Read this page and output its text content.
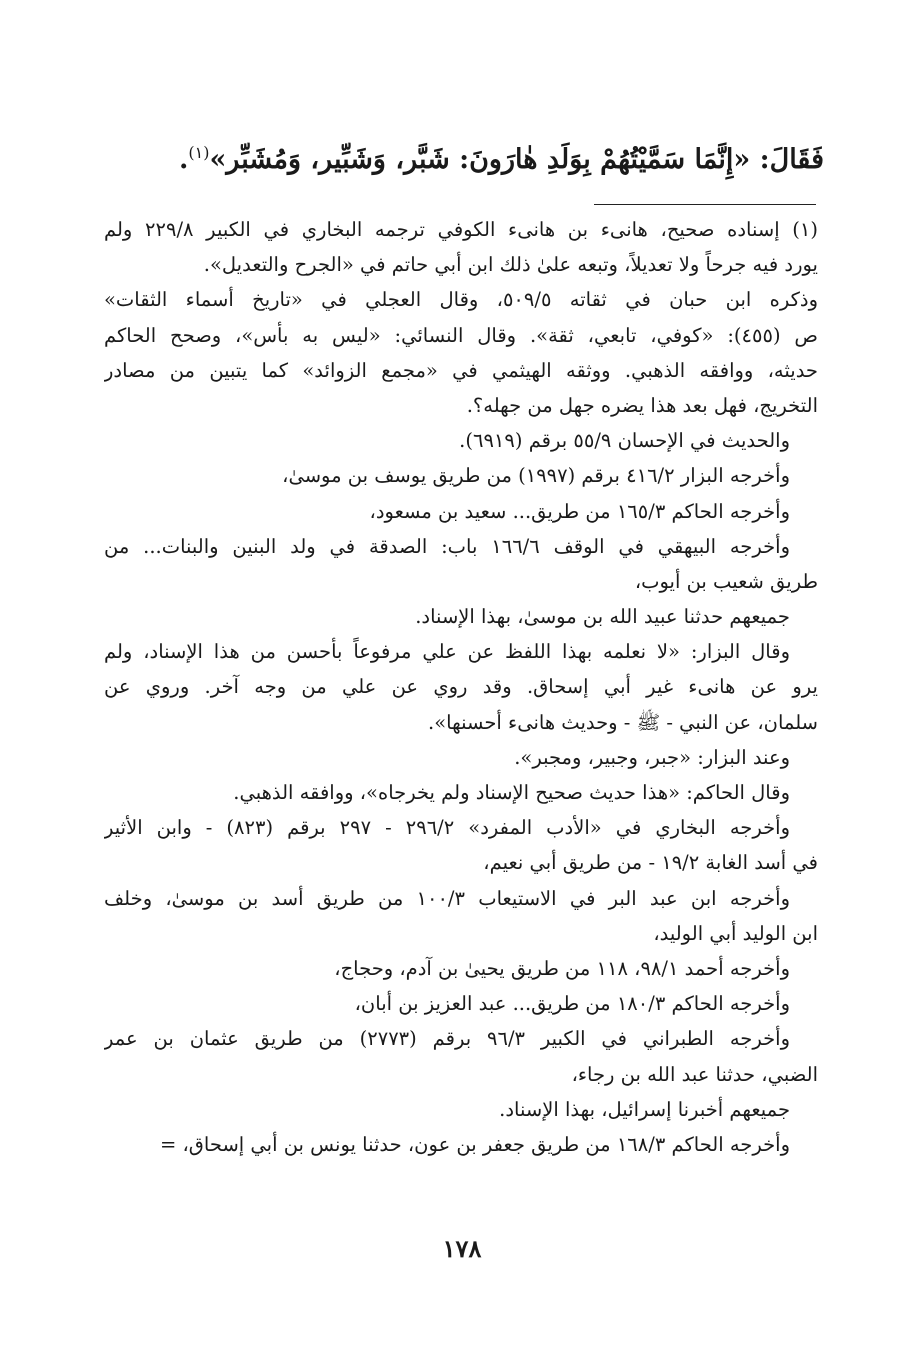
فَقَالَ: «إِنَّمَا سَمَّيْتُهُمْ بِوَلَدِ هٰارَونَ: شَبَّر، وَشَبِّير، وَمُشَبِّر»$^{(١)}$.
(١) إسناده صحيح، هانىء بن هانىء الكوفي ترجمه البخاري في الكبير ٢٢٩/٨ ولم
يورد فيه جرحاً ولا تعديلاً، وتبعه علىٰ ذلك ابن أبي حاتم في «الجرح والتعديل».
وذكره ابن حبان في ثقاته ٥٠٩/٥، وقال العجلي في «تاريخ أسماء الثقات»
ص (٤٥٥): «كوفي، تابعي، ثقة». وقال النسائي: «ليس به بأس»، وصحح الحاكم
حديثه، ووافقه الذهبي. ووثقه الهيثمي في «مجمع الزوائد» كما يتبين من مصادر
التخريج، فهل بعد هذا يضره جهل من جهله؟.
والحديث في الإحسان ٥٥/٩ برقم (٦٩١٩).
وأخرجه البزار ٤١٦/٢ برقم (١٩٩٧) من طريق يوسف بن موسىٰ،
وأخرجه الحاكم ١٦٥/٣ من طريق... سعيد بن مسعود،
وأخرجه البيهقي في الوقف ١٦٦/٦ باب: الصدقة في ولد البنين والبنات... من
طريق شعيب بن أيوب،
جميعهم حدثنا عبيد الله بن موسىٰ، بهذا الإسناد.
وقال البزار: «لا نعلمه بهذا اللفظ عن علي مرفوعاً بأحسن من هذا الإسناد، ولم
يرو عن هانىء غير أبي إسحاق. وقد روي عن علي من وجه آخر. وروي عن
سلمان، عن النبي - ﷺ - وحديث هانىء أحسنها».
وعند البزار: «جبر، وجبير، ومجبر».
وقال الحاكم: «هذا حديث صحيح الإسناد ولم يخرجاه»، ووافقه الذهبي.
وأخرجه البخاري في «الأدب المفرد» ٢٩٦/٢ - ٢٩٧ برقم (٨٢٣) - وابن الأثير
في أسد الغابة ١٩/٢ - من طريق أبي نعيم،
وأخرجه ابن عبد البر في الاستيعاب ١٠٠/٣ من طريق أسد بن موسىٰ، وخلف
ابن الوليد أبي الوليد،
وأخرجه أحمد ٩٨/١، ١١٨ من طريق يحيىٰ بن آدم، وحجاج،
وأخرجه الحاكم ١٨٠/٣ من طريق... عبد العزيز بن أبان،
وأخرجه الطبراني في الكبير ٩٦/٣ برقم (٢٧٧٣) من طريق عثمان بن عمر
الضبي، حدثنا عبد الله بن رجاء،
جميعهم أخبرنا إسرائيل، بهذا الإسناد.
وأخرجه الحاكم ١٦٨/٣ من طريق جعفر بن عون، حدثنا يونس بن أبي إسحاق، =
١٧٨
